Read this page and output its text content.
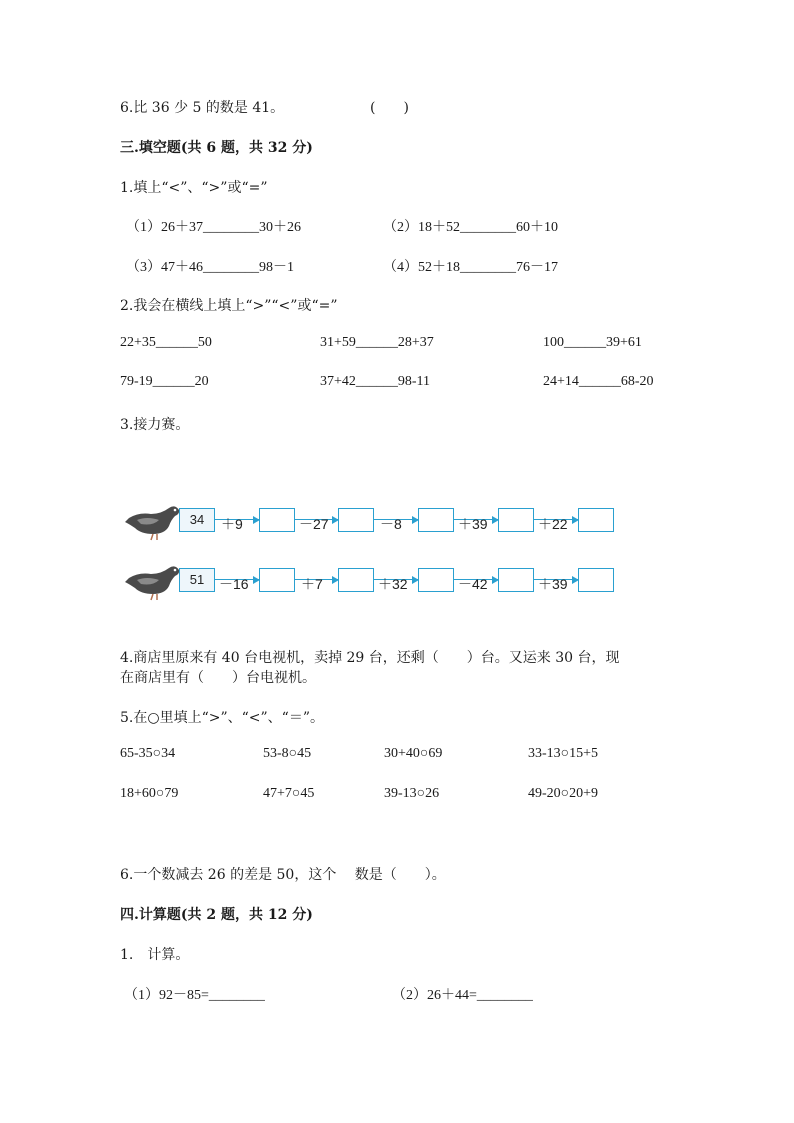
6.比 36 少 5 的数是 41。	(　　)
三.填空题(共 6 题，共 32 分)
1.填上“<”、“>”或“=”
（1）26＋37________30＋26	（2）18＋52________60＋10
（3）47＋46________98－1	（4）52＋18________76－17
2.我会在横线上填上“>”“<”或“=”
22+35______50	31+59______28+37	100______39+61
79-19______20	37+42______98-11	24+14______68-20
3.接力赛。
34	＋9	－27	－8	＋39	＋22
51	－16	＋7	＋32	－42	＋39
4.商店里原来有 40 台电视机，卖掉 29 台，还剩（　　）台。又运来 30 台，现
在商店里有（　　）台电视机。
5.在○里填上“>”、“<”、“＝”。
65-35○34	53-8○45	30+40○69	33-13○15+5
18+60○79	47+7○45	39-13○26	49-20○20+9
6.一个数减去 26 的差是 50，这个　 数是（　　）。
四.计算题(共 2 题，共 12 分)
1.　计算。
（1）92－85=________	（2）26＋44=________
